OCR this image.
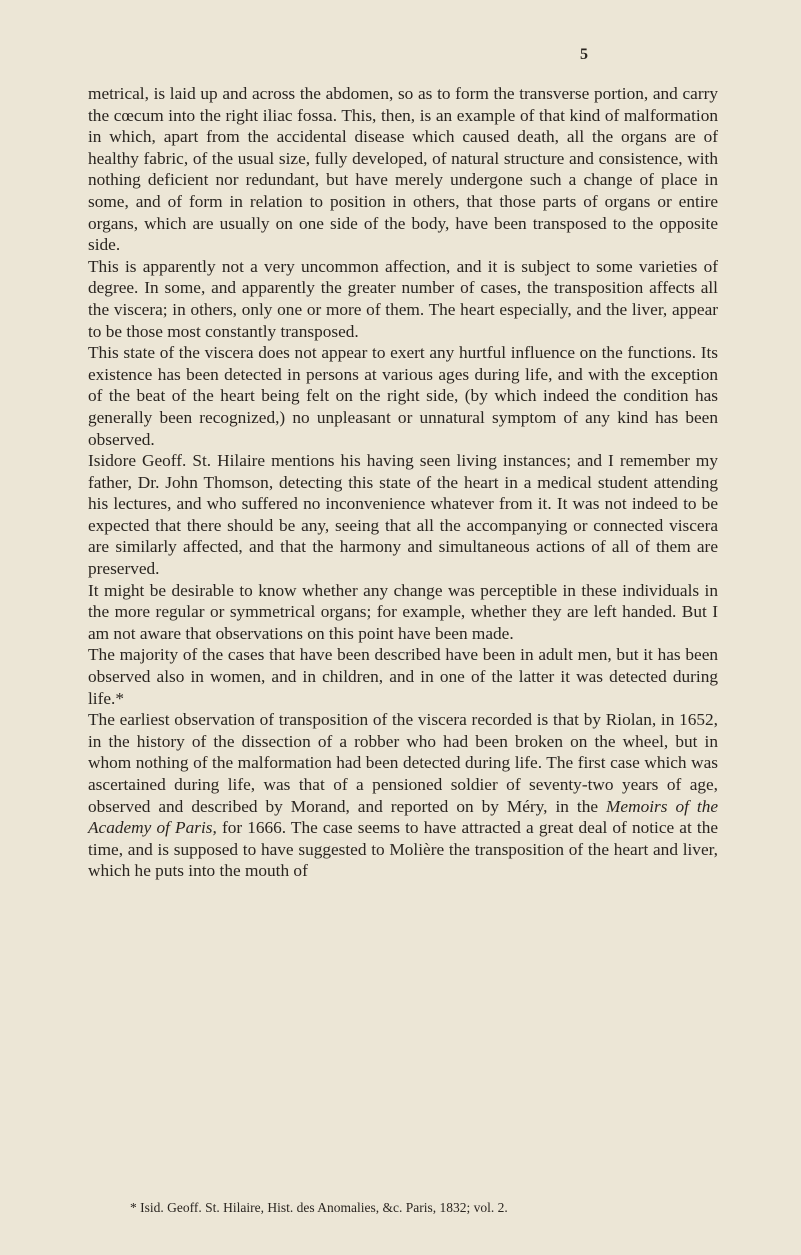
5

metrical, is laid up and across the abdomen, so as to form the transverse portion, and carry the cœcum into the right iliac fossa. This, then, is an example of that kind of malformation in which, apart from the accidental disease which caused death, all the organs are of healthy fabric, of the usual size, fully developed, of natural structure and consistence, with nothing deficient nor redundant, but have merely undergone such a change of place in some, and of form in relation to position in others, that those parts of organs or entire organs, which are usually on one side of the body, have been transposed to the opposite side.

This is apparently not a very uncommon affection, and it is subject to some varieties of degree. In some, and apparently the greater number of cases, the transposition affects all the viscera; in others, only one or more of them. The heart especially, and the liver, appear to be those most constantly transposed.

This state of the viscera does not appear to exert any hurtful influence on the functions. Its existence has been detected in persons at various ages during life, and with the exception of the beat of the heart being felt on the right side, (by which indeed the condition has generally been recognized,) no unpleasant or unnatural symptom of any kind has been observed.

Isidore Geoff. St. Hilaire mentions his having seen living instances; and I remember my father, Dr. John Thomson, detecting this state of the heart in a medical student attending his lectures, and who suffered no inconvenience whatever from it. It was not indeed to be expected that there should be any, seeing that all the accompanying or connected viscera are similarly affected, and that the harmony and simultaneous actions of all of them are preserved.

It might be desirable to know whether any change was perceptible in these individuals in the more regular or symmetrical organs; for example, whether they are left handed. But I am not aware that observations on this point have been made.

The majority of the cases that have been described have been in adult men, but it has been observed also in women, and in children, and in one of the latter it was detected during life.*

The earliest observation of transposition of the viscera recorded is that by Riolan, in 1652, in the history of the dissection of a robber who had been broken on the wheel, but in whom nothing of the malformation had been detected during life. The first case which was ascertained during life, was that of a pensioned soldier of seventy-two years of age, observed and described by Morand, and reported on by Méry, in the Memoirs of the Academy of Paris, for 1666. The case seems to have attracted a great deal of notice at the time, and is supposed to have suggested to Molière the transposition of the heart and liver, which he puts into the mouth of

* Isid. Geoff. St. Hilaire, Hist. des Anomalies, &c. Paris, 1832; vol. 2.
